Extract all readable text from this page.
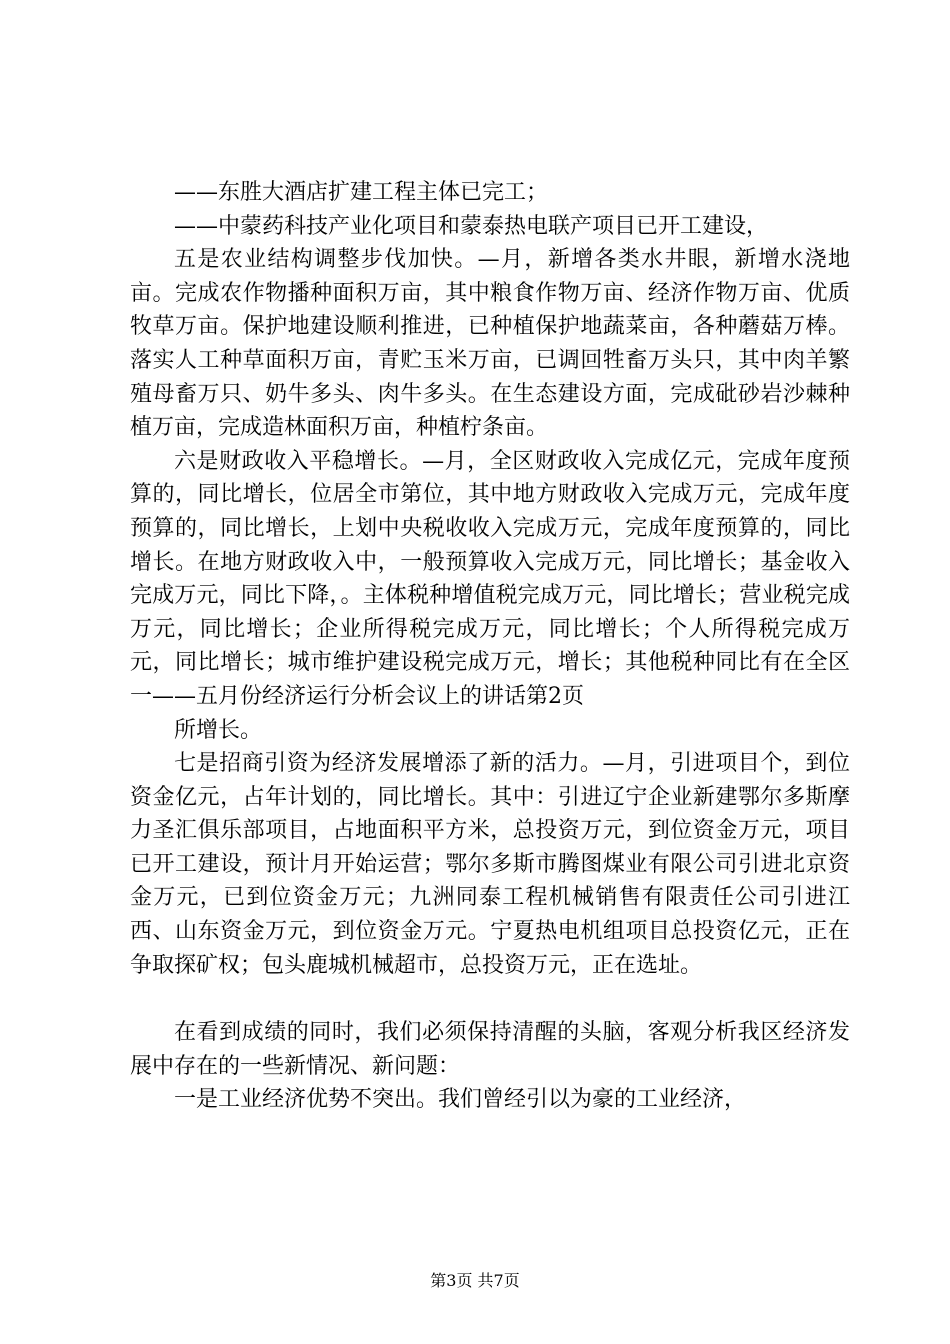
——东胜大酒店扩建工程主体已完工；

——中蒙药科技产业化项目和蒙泰热电联产项目已开工建设，

五是农业结构调整步伐加快。—月，新增各类水井眼，新增水浇地亩。完成农作物播种面积万亩，其中粮食作物万亩、经济作物万亩、优质牧草万亩。保护地建设顺利推进，已种植保护地蔬菜亩，各种蘑菇万棒。落实人工种草面积万亩，青贮玉米万亩，已调回牲畜万头只，其中肉羊繁殖母畜万只、奶牛多头、肉牛多头。在生态建设方面，完成砒砂岩沙棘种植万亩，完成造林面积万亩，种植柠条亩。

六是财政收入平稳增长。—月，全区财政收入完成亿元，完成年度预算的，同比增长，位居全市第位，其中地方财政收入完成万元，完成年度预算的，同比增长，上划中央税收收入完成万元，完成年度预算的，同比增长。在地方财政收入中，一般预算收入完成万元，同比增长；基金收入完成万元，同比下降，。主体税种增值税完成万元，同比增长；营业税完成万元，同比增长；企业所得税完成万元，同比增长；个人所得税完成万元，同比增长；城市维护建设税完成万元，增长；其他税种同比有在全区一——五月份经济运行分析会议上的讲话第2页

所增长。

七是招商引资为经济发展增添了新的活力。—月，引进项目个，到位资金亿元，占年计划的，同比增长。其中：引进辽宁企业新建鄂尔多斯摩力圣汇俱乐部项目，占地面积平方米，总投资万元，到位资金万元，项目已开工建设，预计月开始运营；鄂尔多斯市腾图煤业有限公司引进北京资金万元，已到位资金万元；九洲同泰工程机械销售有限责任公司引进江西、山东资金万元，到位资金万元。宁夏热电机组项目总投资亿元，正在争取探矿权；包头鹿城机械超市，总投资万元，正在选址。

在看到成绩的同时，我们必须保持清醒的头脑，客观分析我区经济发展中存在的一些新情况、新问题：

一是工业经济优势不突出。我们曾经引以为豪的工业经济，

第3页 共7页
